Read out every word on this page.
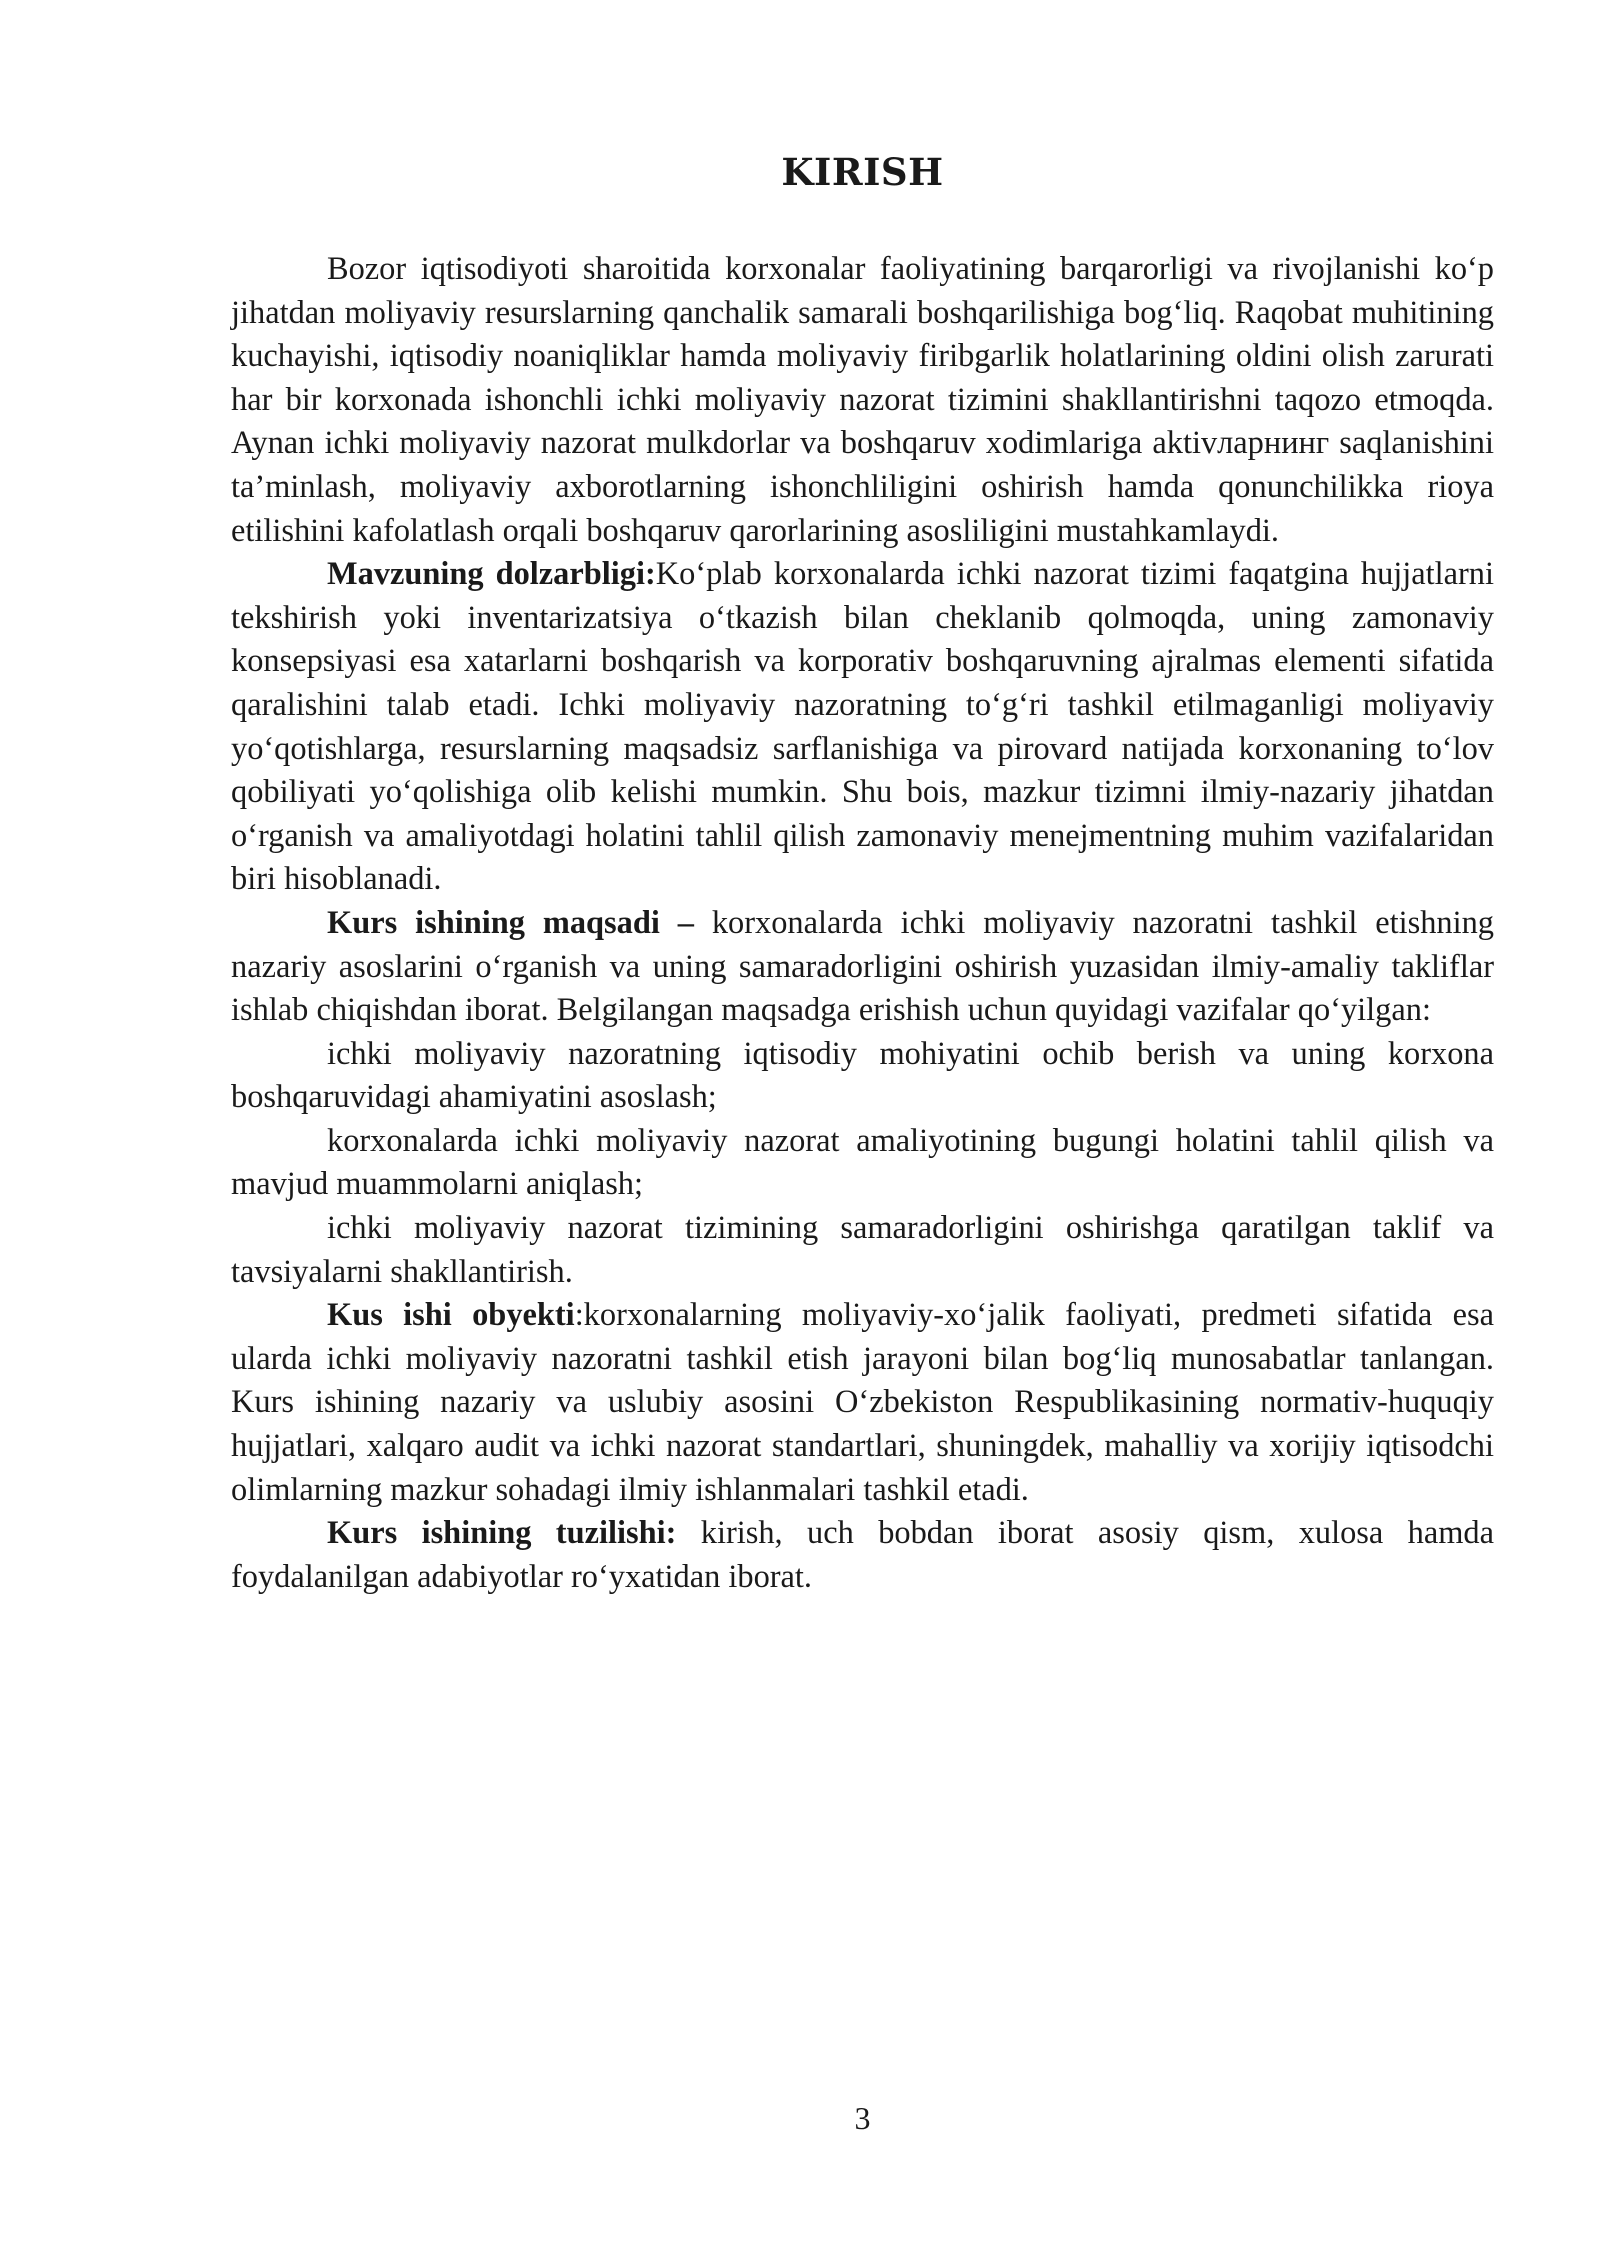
KIRISH

Bozor iqtisodiyoti sharoitida korxonalar faoliyatining barqarorligi va rivojlanishi ko‘p jihatdan moliyaviy resurslarning qanchalik samarali boshqarilishiga bog‘liq. Raqobat muhitining kuchayishi, iqtisodiy noaniqliklar hamda moliyaviy firibgarlik holatlarining oldini olish zarurati har bir korxonada ishonchli ichki moliyaviy nazorat tizimini shakllantirishni taqozo etmoqda. Aynan ichki moliyaviy nazorat mulkdorlar va boshqaruv xodimlariga aktivларнинг saqlanishini ta’minlash, moliyaviy axborotlarning ishonchliligini oshirish hamda qonunchilikka rioya etilishini kafolatlash orqali boshqaruv qarorlarining asosliligini mustahkamlaydi.

Mavzuning dolzarbligi:Ko‘plab korxonalarda ichki nazorat tizimi faqatgina hujjatlarni tekshirish yoki inventarizatsiya o‘tkazish bilan cheklanib qolmoqda, uning zamonaviy konsepsiyasi esa xatarlarni boshqarish va korporativ boshqaruvning ajralmas elementi sifatida qaralishini talab etadi. Ichki moliyaviy nazoratning to‘g‘ri tashkil etilmaganligi moliyaviy yo‘qotishlarga, resurslarning maqsadsiz sarflanishiga va pirovard natijada korxonaning to‘lov qobiliyati yo‘qolishiga olib kelishi mumkin. Shu bois, mazkur tizimni ilmiy-nazariy jihatdan o‘rganish va amaliyotdagi holatini tahlil qilish zamonaviy menejmentning muhim vazifalaridan biri hisoblanadi.

Kurs ishining maqsadi – korxonalarda ichki moliyaviy nazoratni tashkil etishning nazariy asoslarini o‘rganish va uning samaradorligini oshirish yuzasidan ilmiy-amaliy takliflar ishlab chiqishdan iborat. Belgilangan maqsadga erishish uchun quyidagi vazifalar qo‘yilgan:

ichki moliyaviy nazoratning iqtisodiy mohiyatini ochib berish va uning korxona boshqaruvidagi ahamiyatini asoslash;

korxonalarda ichki moliyaviy nazorat amaliyotining bugungi holatini tahlil qilish va mavjud muammolarni aniqlash;

ichki moliyaviy nazorat tizimining samaradorligini oshirishga qaratilgan taklif va tavsiyalarni shakllantirish.

Kus ishi obyekti:korxonalarning moliyaviy-xo‘jalik faoliyati, predmeti sifatida esa ularda ichki moliyaviy nazoratni tashkil etish jarayoni bilan bog‘liq munosabatlar tanlangan. Kurs ishining nazariy va uslubiy asosini O‘zbekiston Respublikasining normativ-huquqiy hujjatlari, xalqaro audit va ichki nazorat standartlari, shuningdek, mahalliy va xorijiy iqtisodchi olimlarning mazkur sohadagi ilmiy ishlanmalari tashkil etadi.

Kurs ishining tuzilishi: kirish, uch bobdan iborat asosiy qism, xulosa hamda foydalanilgan adabiyotlar ro‘yxatidan iborat.

3
